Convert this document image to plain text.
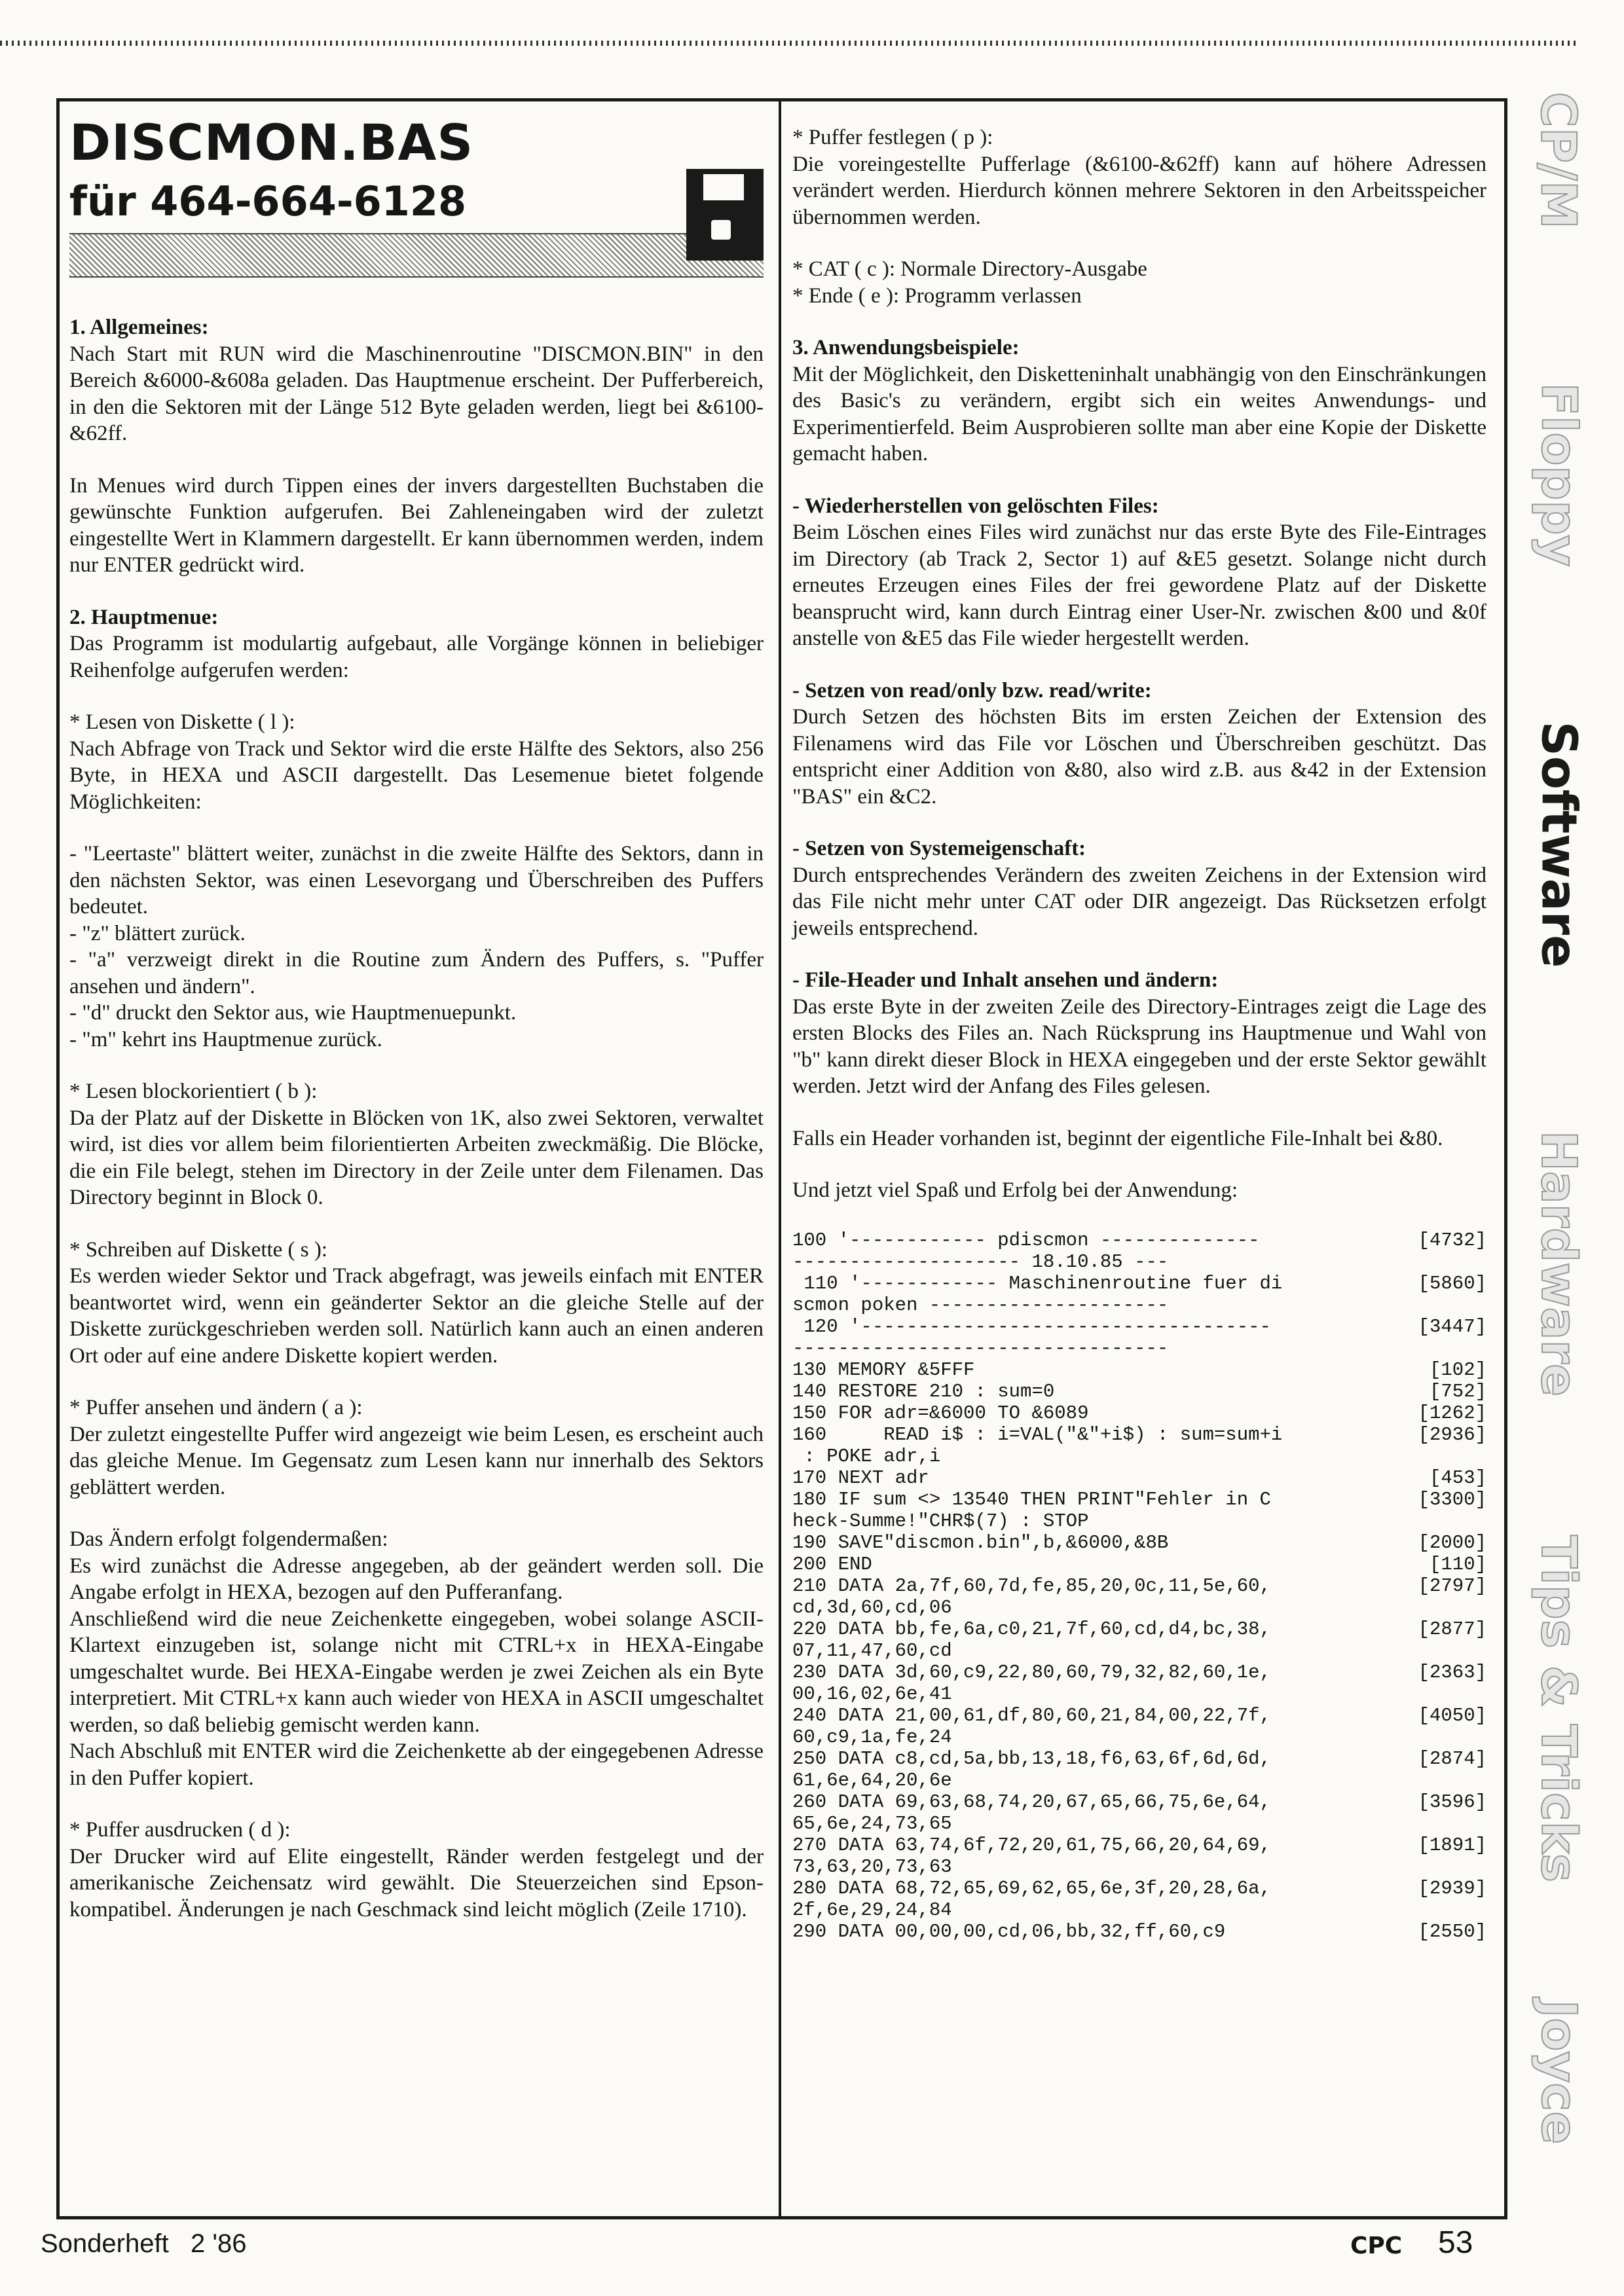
DISCMON.BAS
für 464-664-6128
1. Allgemeines:
Nach Start mit RUN wird die Maschinenroutine "DISCMON.BIN" in den Bereich &6000-&608a geladen. Das Hauptmenue erscheint. Der Pufferbereich, in den die Sektoren mit der Länge 512 Byte geladen werden, liegt bei &6100-&62ff.
In Menues wird durch Tippen eines der invers dargestellten Buchstaben die gewünschte Funktion aufgerufen. Bei Zahleneingaben wird der zuletzt eingestellte Wert in Klammern dargestellt. Er kann übernommen werden, indem nur ENTER gedrückt wird.
2. Hauptmenue:
Das Programm ist modulartig aufgebaut, alle Vorgänge können in beliebiger Reihenfolge aufgerufen werden:
* Lesen von Diskette ( l ):
Nach Abfrage von Track und Sektor wird die erste Hälfte des Sektors, also 256 Byte, in HEXA und ASCII dargestellt. Das Lesemenue bietet folgende Möglichkeiten:
- "Leertaste" blättert weiter, zunächst in die zweite Hälfte des Sektors, dann in den nächsten Sektor, was einen Lesevorgang und Überschreiben des Puffers bedeutet.
- "z" blättert zurück.
- "a" verzweigt direkt in die Routine zum Ändern des Puffers, s. "Puffer ansehen und ändern".
- "d" druckt den Sektor aus, wie Hauptmenuepunkt.
- "m" kehrt ins Hauptmenue zurück.
* Lesen blockorientiert ( b ):
Da der Platz auf der Diskette in Blöcken von 1K, also zwei Sektoren, verwaltet wird, ist dies vor allem beim filorientierten Arbeiten zweckmäßig. Die Blöcke, die ein File belegt, stehen im Directory in der Zeile unter dem Filenamen. Das Directory beginnt in Block 0.
* Schreiben auf Diskette ( s ):
Es werden wieder Sektor und Track abgefragt, was jeweils einfach mit ENTER beantwortet wird, wenn ein geänderter Sektor an die gleiche Stelle auf der Diskette zurückgeschrieben werden soll. Natürlich kann auch an einen anderen Ort oder auf eine andere Diskette kopiert werden.
* Puffer ansehen und ändern ( a ):
Der zuletzt eingestellte Puffer wird angezeigt wie beim Lesen, es erscheint auch das gleiche Menue. Im Gegensatz zum Lesen kann nur innerhalb des Sektors geblättert werden.
Das Ändern erfolgt folgendermaßen:
Es wird zunächst die Adresse angegeben, ab der geändert werden soll. Die Angabe erfolgt in HEXA, bezogen auf den Pufferanfang.
Anschließend wird die neue Zeichenkette eingegeben, wobei solange ASCII-Klartext einzugeben ist, solange nicht mit CTRL+x in HEXA-Eingabe umgeschaltet wurde. Bei HEXA-Eingabe werden je zwei Zeichen als ein Byte interpretiert. Mit CTRL+x kann auch wieder von HEXA in ASCII umgeschaltet werden, so daß beliebig gemischt werden kann.
Nach Abschluß mit ENTER wird die Zeichenkette ab der eingegebenen Adresse in den Puffer kopiert.
* Puffer ausdrucken ( d ):
Der Drucker wird auf Elite eingestellt, Ränder werden festgelegt und der amerikanische Zeichensatz wird gewählt. Die Steuerzeichen sind Epson-kompatibel. Änderungen je nach Geschmack sind leicht möglich (Zeile 1710).
* Puffer festlegen ( p ):
Die voreingestellte Pufferlage (&6100-&62ff) kann auf höhere Adressen verändert werden. Hierdurch können mehrere Sektoren in den Arbeitsspeicher übernommen werden.
* CAT ( c ): Normale Directory-Ausgabe
* Ende ( e ): Programm verlassen
3. Anwendungsbeispiele:
Mit der Möglichkeit, den Disketteninhalt unabhängig von den Einschränkungen des Basic's zu verändern, ergibt sich ein weites Anwendungs- und Experimentierfeld. Beim Ausprobieren sollte man aber eine Kopie der Diskette gemacht haben.
- Wiederherstellen von gelöschten Files:
Beim Löschen eines Files wird zunächst nur das erste Byte des File-Eintrages im Directory (ab Track 2, Sector 1) auf &E5 gesetzt. Solange nicht durch erneutes Erzeugen eines Files der frei gewordene Platz auf der Diskette beansprucht wird, kann durch Eintrag einer User-Nr. zwischen &00 und &0f anstelle von &E5 das File wieder hergestellt werden.
- Setzen von read/only bzw. read/write:
Durch Setzen des höchsten Bits im ersten Zeichen der Extension des Filenamens wird das File vor Löschen und Überschreiben geschützt. Das entspricht einer Addition von &80, also wird z.B. aus &42 in der Extension "BAS" ein &C2.
- Setzen von Systemeigenschaft:
Durch entsprechendes Verändern des zweiten Zeichens in der Extension wird das File nicht mehr unter CAT oder DIR angezeigt. Das Rücksetzen erfolgt jeweils entsprechend.
- File-Header und Inhalt ansehen und ändern:
Das erste Byte in der zweiten Zeile des Directory-Eintrages zeigt die Lage des ersten Blocks des Files an. Nach Rücksprung ins Hauptmenue und Wahl von "b" kann direkt dieser Block in HEXA eingegeben und der erste Sektor gewählt werden. Jetzt wird der Anfang des Files gelesen.
Falls ein Header vorhanden ist, beginnt der eigentliche File-Inhalt bei &80.
Und jetzt viel Spaß und Erfolg bei der Anwendung:
100 '------------ pdiscmon --------------	[4732]
-------------------- 18.10.85 ---
110 '------------ Maschinenroutine fuer di	[5860]
scmon poken ---------------------
120 '------------------------------------	[3447]
---------------------------------
130 MEMORY &5FFF	[102]
140 RESTORE 210 : sum=0	[752]
150 FOR adr=&6000 TO &6089	[1262]
160     READ i$ : i=VAL("&"+i$) : sum=sum+i	[2936]
: POKE adr,i
170 NEXT adr	[453]
180 IF sum <> 13540 THEN PRINT"Fehler in C	[3300]
heck-Summe!"CHR$(7) : STOP
190 SAVE"discmon.bin",b,&6000,&8B	[2000]
200 END	[110]
210 DATA 2a,7f,60,7d,fe,85,20,0c,11,5e,60,	[2797]
cd,3d,60,cd,06
220 DATA bb,fe,6a,c0,21,7f,60,cd,d4,bc,38,	[2877]
07,11,47,60,cd
230 DATA 3d,60,c9,22,80,60,79,32,82,60,1e,	[2363]
00,16,02,6e,41
240 DATA 21,00,61,df,80,60,21,84,00,22,7f,	[4050]
60,c9,1a,fe,24
250 DATA c8,cd,5a,bb,13,18,f6,63,6f,6d,6d,	[2874]
61,6e,64,20,6e
260 DATA 69,63,68,74,20,67,65,66,75,6e,64,	[3596]
65,6e,24,73,65
270 DATA 63,74,6f,72,20,61,75,66,20,64,69,	[1891]
73,63,20,73,63
280 DATA 68,72,65,69,62,65,6e,3f,20,28,6a,	[2939]
2f,6e,29,24,84
290 DATA 00,00,00,cd,06,bb,32,ff,60,c9	[2550]
CP/M
Floppy
Software
Hardware
Tips & Tricks
Joyce
Sonderheft 2 '86	CPC 53
